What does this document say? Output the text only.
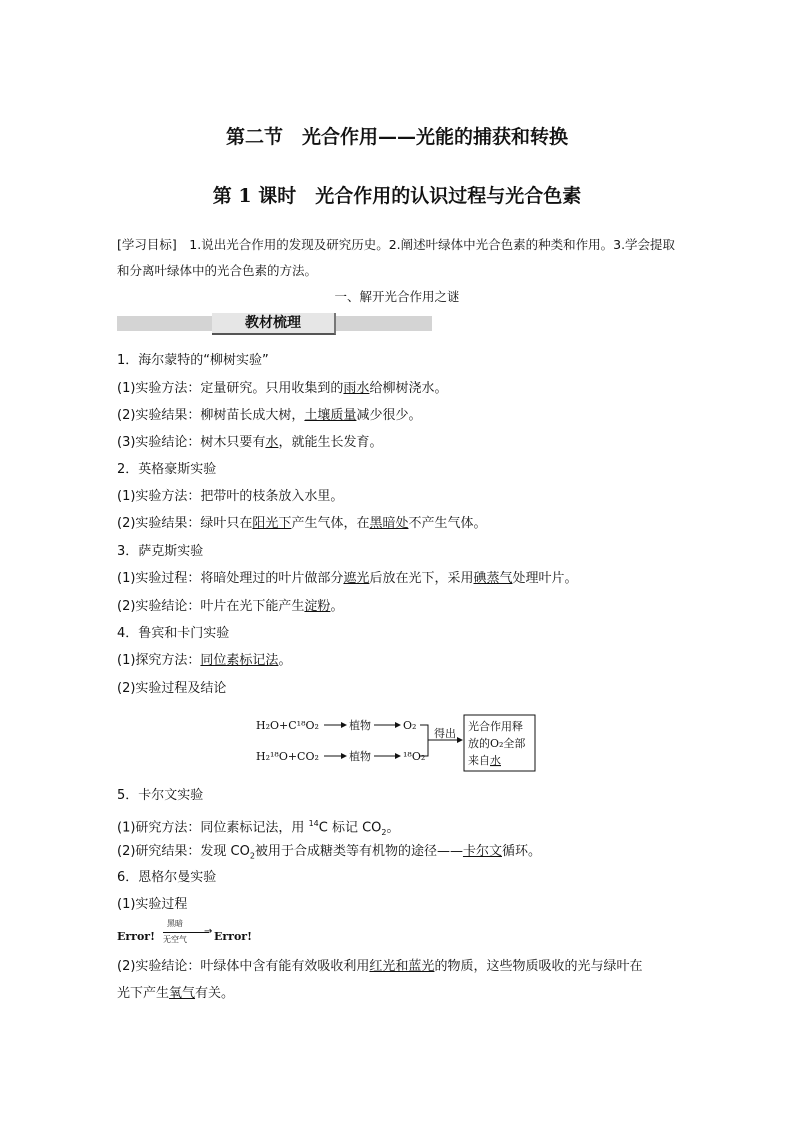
第二节　光合作用——光能的捕获和转换
第 1 课时　光合作用的认识过程与光合色素
[学习目标]　1.说出光合作用的发现及研究历史。2.阐述叶绿体中光合色素的种类和作用。3.学会提取和分离叶绿体中的光合色素的方法。
一、解开光合作用之谜
教材梳理
1．海尔蒙特的“柳树实验”
(1)实验方法：定量研究。只用收集到的雨水给柳树浇水。
(2)实验结果：柳树苗长成大树，土壤质量减少很少。
(3)实验结论：树木只要有水，就能生长发育。
2．英格豪斯实验
(1)实验方法：把带叶的枝条放入水里。
(2)实验结果：绿叶只在阳光下产生气体，在黑暗处不产生气体。
3．萨克斯实验
(1)实验过程：将暗处理过的叶片做部分遮光后放在光下，采用碘蒸气处理叶片。
(2)实验结论：叶片在光下能产生淀粉。
4．鲁宾和卡门实验
(1)探究方法：同位素标记法。
(2)实验过程及结论
H₂O+C¹⁸O₂	植物	O₂
H₂¹⁸O+CO₂	植物	¹⁸O₂
得出
光合作用释
放的O₂全部
来自水
5．卡尔文实验
(1)研究方法：同位素标记法，用 $^{14}$C 标记 $CO_2$。
(2)研究结果：发现 $CO_2$被用于合成糖类等有机物的途径——卡尔文循环。
6．恩格尔曼实验
(1)实验过程
Error!
黑暗
→
无空气 Error!
(2)实验结论：叶绿体中含有能有效吸收利用红光和蓝光的物质，这些物质吸收的光与绿叶在
光下产生氧气有关。
